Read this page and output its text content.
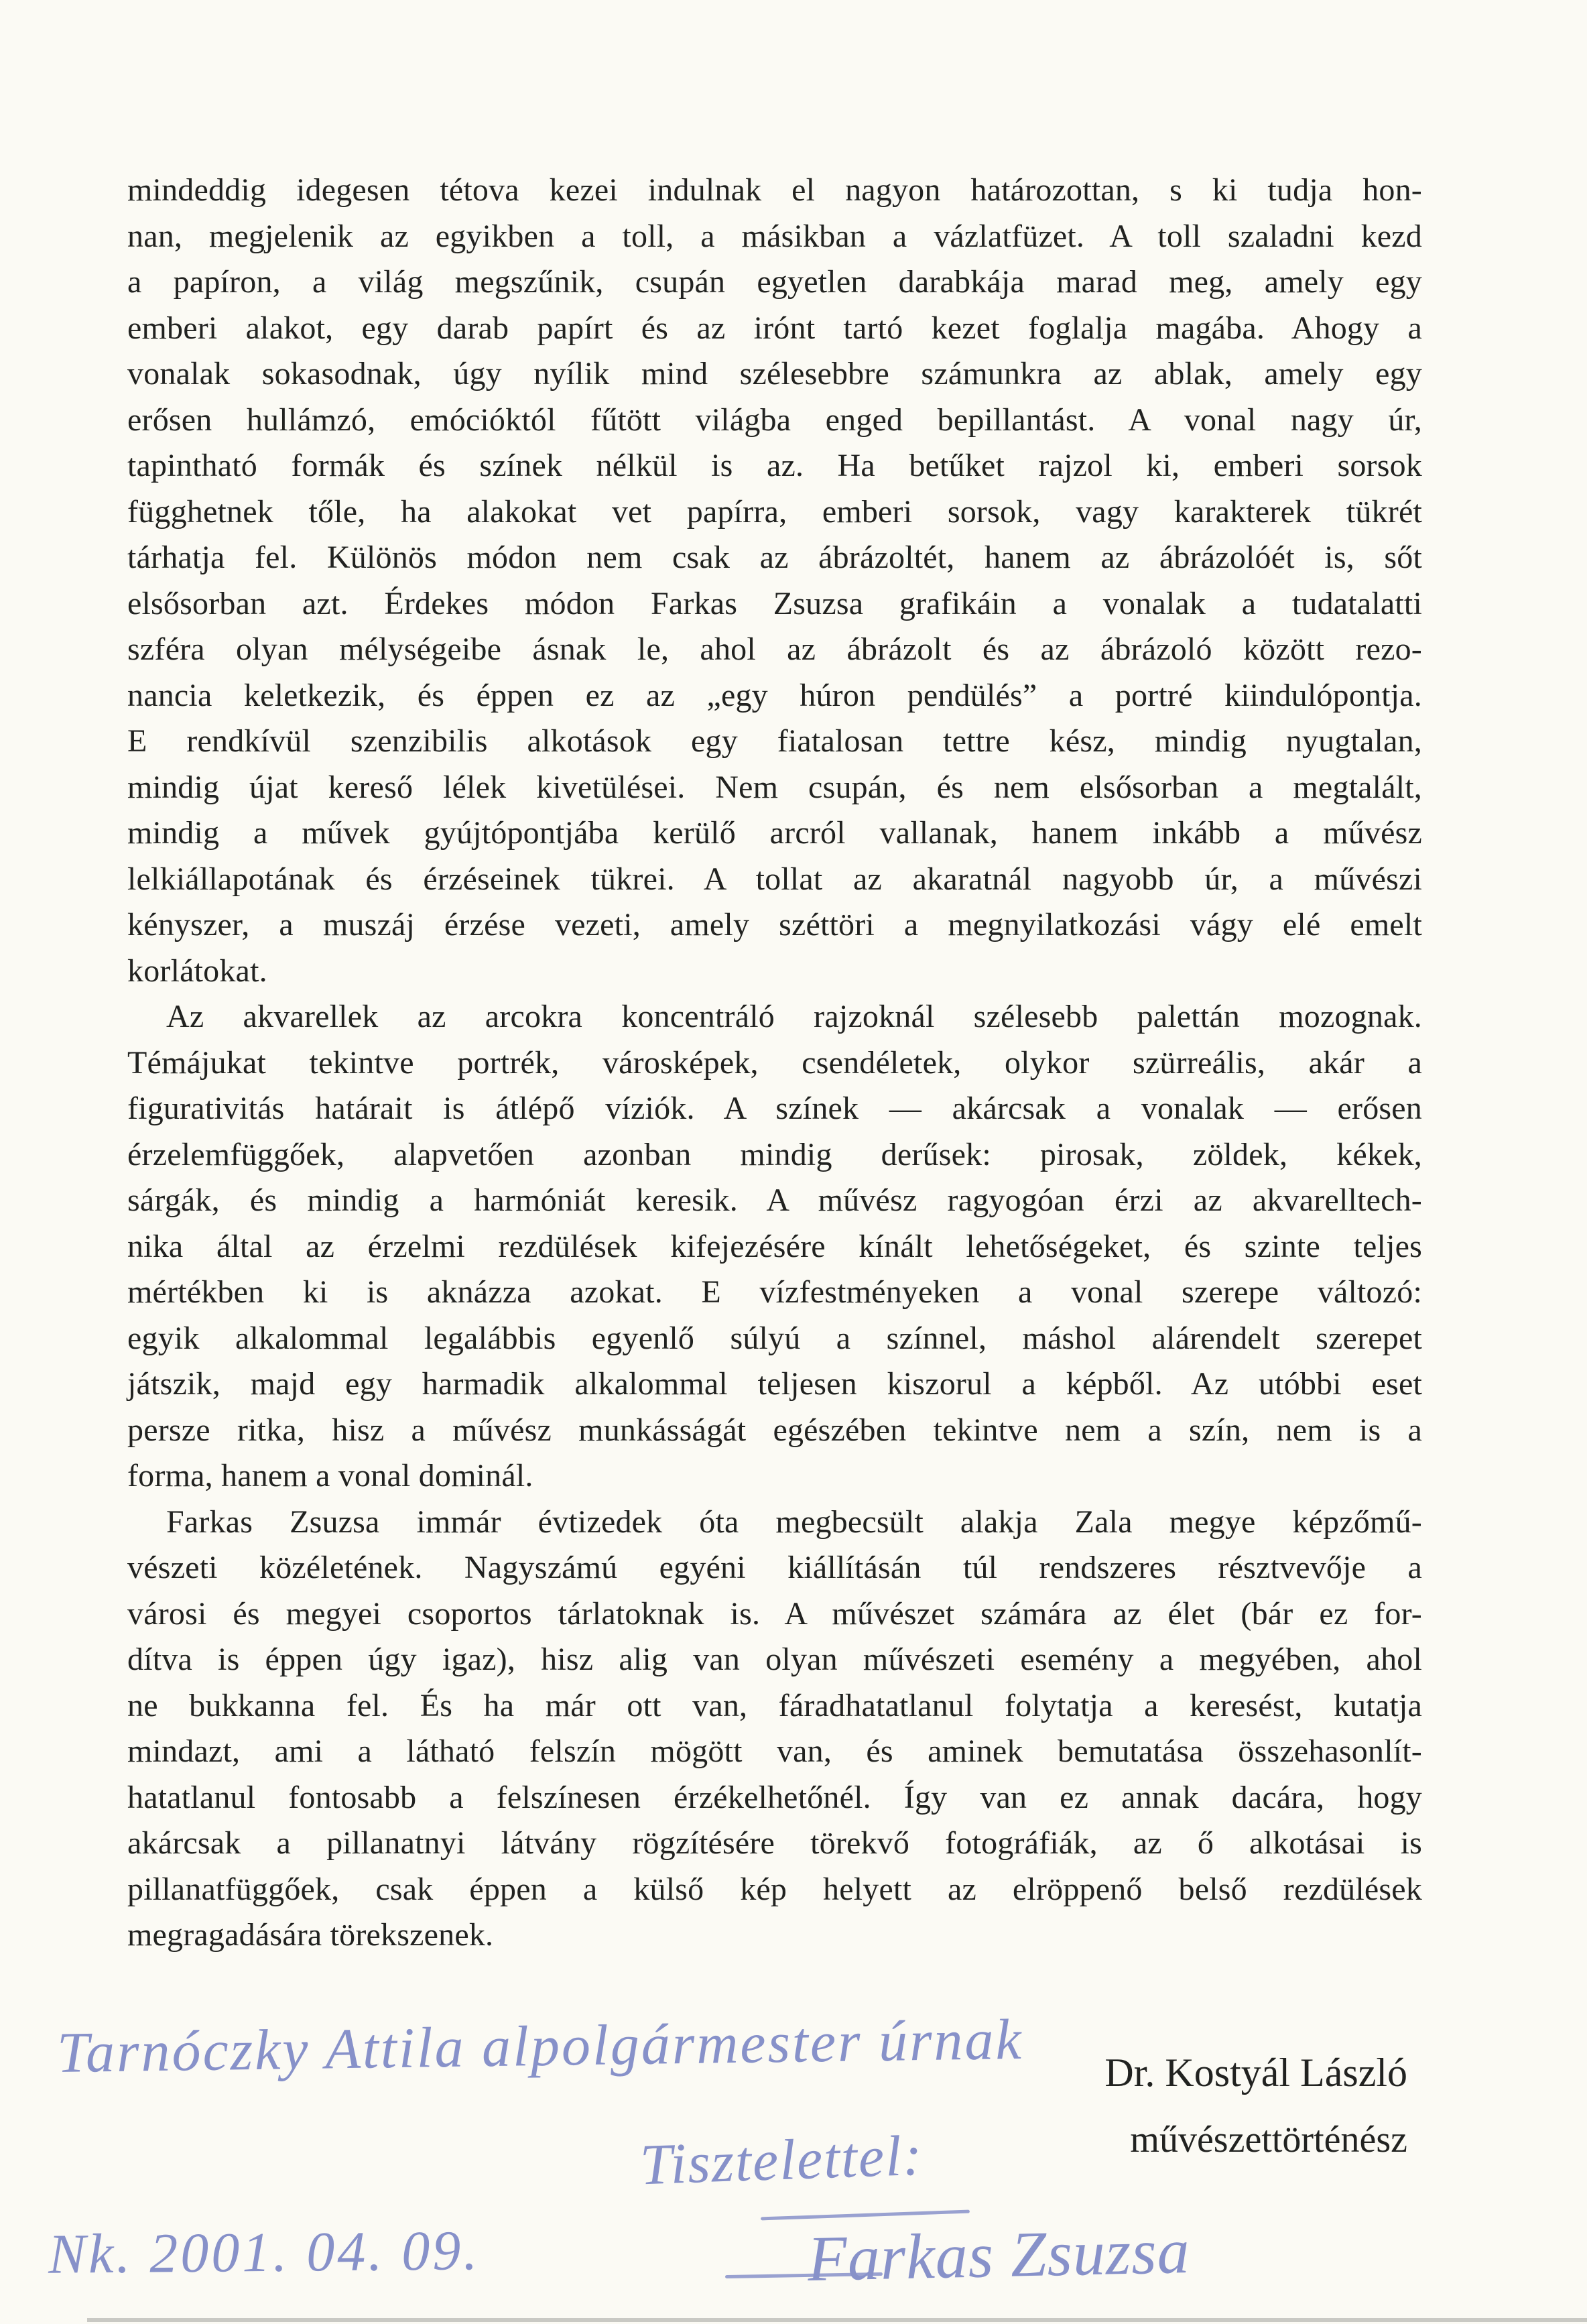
mindeddig idegesen tétova kezei indulnak el nagyon határozottan, s ki tudja hon-
nan, megjelenik az egyikben a toll, a másikban a vázlatfüzet. A toll szaladni kezd
a papíron, a világ megszűnik, csupán egyetlen darabkája marad meg, amely egy
emberi alakot, egy darab papírt és az irónt tartó kezet foglalja magába. Ahogy a
vonalak sokasodnak, úgy nyílik mind szélesebbre számunkra az ablak, amely egy
erősen hullámzó, emócióktól fűtött világba enged bepillantást. A vonal nagy úr,
tapintható formák és színek nélkül is az. Ha betűket rajzol ki, emberi sorsok
függhetnek tőle, ha alakokat vet papírra, emberi sorsok, vagy karakterek tükrét
tárhatja fel. Különös módon nem csak az ábrázoltét, hanem az ábrázolóét is, sőt
elsősorban azt. Érdekes módon Farkas Zsuzsa grafikáin a vonalak a tudatalatti
szféra olyan mélységeibe ásnak le, ahol az ábrázolt és az ábrázoló között rezo-
nancia keletkezik, és éppen ez az „egy húron pendülés” a portré kiindulópontja.
E rendkívül szenzibilis alkotások egy fiatalosan tettre kész, mindig nyugtalan,
mindig újat kereső lélek kivetülései. Nem csupán, és nem elsősorban a megtalált,
mindig a művek gyújtópontjába kerülő arcról vallanak, hanem inkább a művész
lelkiállapotának és érzéseinek tükrei. A tollat az akaratnál nagyobb úr, a művészi
kényszer, a muszáj érzése vezeti, amely széttöri a megnyilatkozási vágy elé emelt
korlátokat.
Az akvarellek az arcokra koncentráló rajzoknál szélesebb palettán mozognak.
Témájukat tekintve portrék, városképek, csendéletek, olykor szürreális, akár a
figurativitás határait is átlépő víziók. A színek — akárcsak a vonalak — erősen
érzelemfüggőek, alapvetően azonban mindig derűsek: pirosak, zöldek, kékek,
sárgák, és mindig a harmóniát keresik. A művész ragyogóan érzi az akvarelltech-
nika által az érzelmi rezdülések kifejezésére kínált lehetőségeket, és szinte teljes
mértékben ki is aknázza azokat. E vízfestményeken a vonal szerepe változó:
egyik alkalommal legalábbis egyenlő súlyú a színnel, máshol alárendelt szerepet
játszik, majd egy harmadik alkalommal teljesen kiszorul a képből. Az utóbbi eset
persze ritka, hisz a művész munkásságát egészében tekintve nem a szín, nem is a
forma, hanem a vonal dominál.
Farkas Zsuzsa immár évtizedek óta megbecsült alakja Zala megye képzőmű-
vészeti közéletének. Nagyszámú egyéni kiállításán túl rendszeres résztvevője a
városi és megyei csoportos tárlatoknak is. A művészet számára az élet (bár ez for-
dítva is éppen úgy igaz), hisz alig van olyan művészeti esemény a megyében, ahol
ne bukkanna fel. És ha már ott van, fáradhatatlanul folytatja a keresést, kutatja
mindazt, ami a látható felszín mögött van, és aminek bemutatása összehasonlít-
hatatlanul fontosabb a felszínesen érzékelhetőnél. Így van ez annak dacára, hogy
akárcsak a pillanatnyi látvány rögzítésére törekvő fotográfiák, az ő alkotásai is
pillanatfüggőek, csak éppen a külső kép helyett az elröppenő belső rezdülések
megragadására törekszenek.
Dr. Kostyál László
művészettörténész
Tarnóczky Attila alpolgármester úrnak
Tisztelettel:
Farkas Zsuzsa
Nk. 2001. 04. 09.
